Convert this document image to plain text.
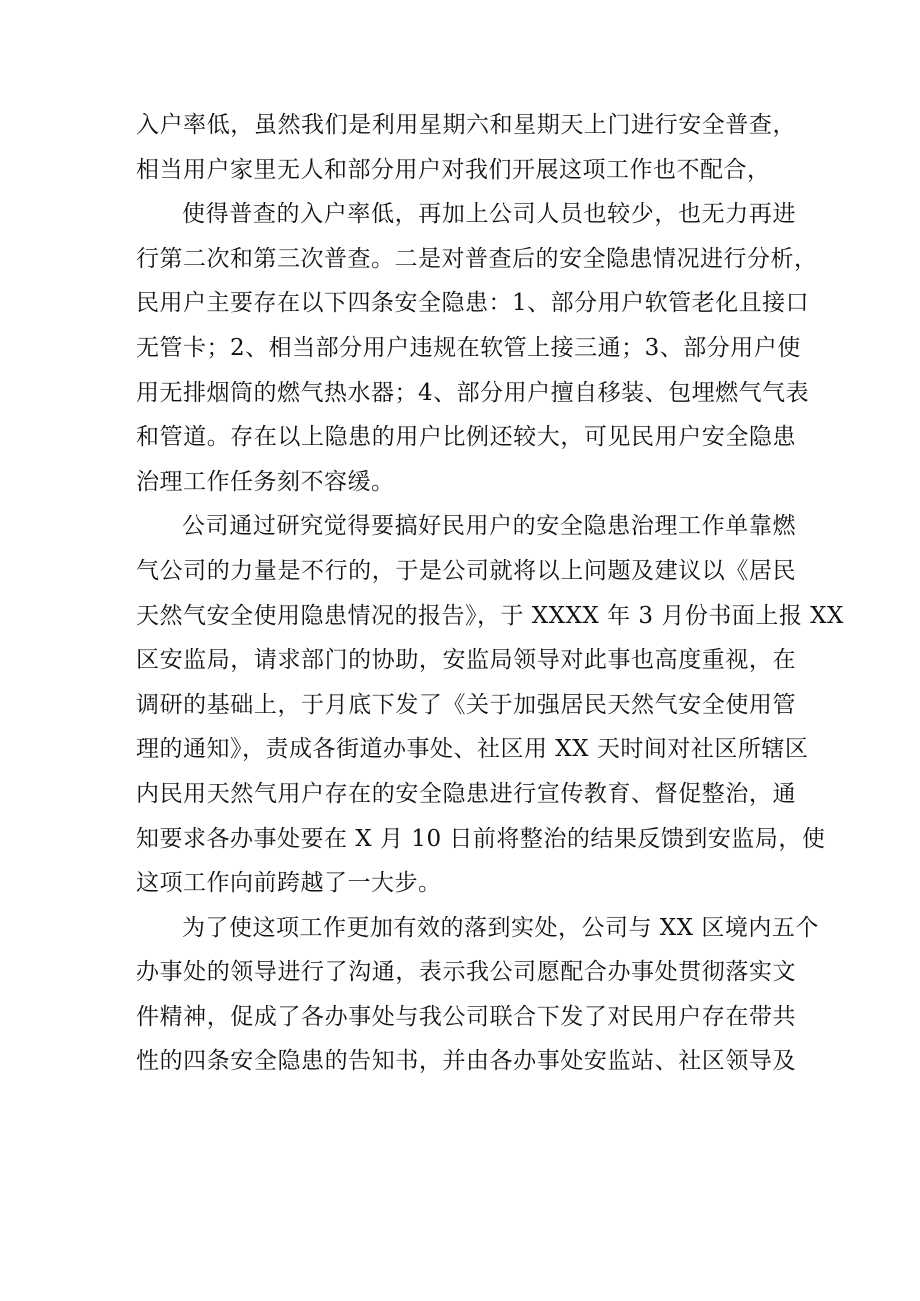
入户率低，虽然我们是利用星期六和星期天上门进行安全普查，
相当用户家里无人和部分用户对我们开展这项工作也不配合，
使得普查的入户率低，再加上公司人员也较少，也无力再进
行第二次和第三次普查。二是对普查后的安全隐患情况进行分析，
民用户主要存在以下四条安全隐患：1、部分用户软管老化且接口
无管卡；2、相当部分用户违规在软管上接三通；3、部分用户使
用无排烟筒的燃气热水器；4、部分用户擅自移装、包埋燃气气表
和管道。存在以上隐患的用户比例还较大，可见民用户安全隐患
治理工作任务刻不容缓。
公司通过研究觉得要搞好民用户的安全隐患治理工作单靠燃
气公司的力量是不行的，于是公司就将以上问题及建议以《居民
天然气安全使用隐患情况的报告》，于 XXXX 年 3 月份书面上报 XX
区安监局，请求部门的协助，安监局领导对此事也高度重视，在
调研的基础上，于月底下发了《关于加强居民天然气安全使用管
理的通知》，责成各街道办事处、社区用 XX 天时间对社区所辖区
内民用天然气用户存在的安全隐患进行宣传教育、督促整治，通
知要求各办事处要在 X 月 10 日前将整治的结果反馈到安监局，使
这项工作向前跨越了一大步。
为了使这项工作更加有效的落到实处，公司与 XX 区境内五个
办事处的领导进行了沟通，表示我公司愿配合办事处贯彻落实文
件精神，促成了各办事处与我公司联合下发了对民用户存在带共
性的四条安全隐患的告知书，并由各办事处安监站、社区领导及
